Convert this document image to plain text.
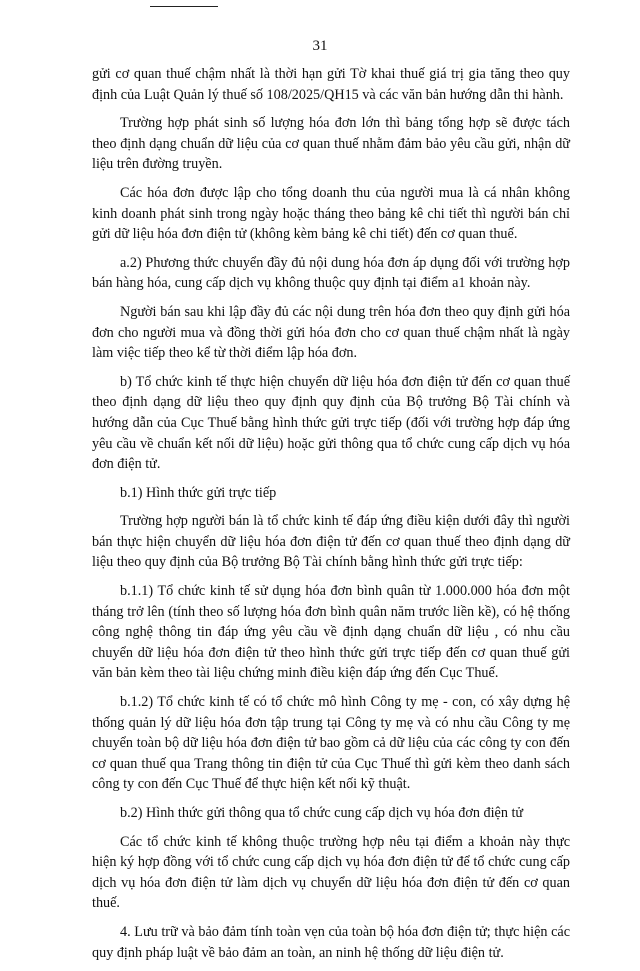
31

gửi cơ quan thuế chậm nhất là thời hạn gửi Tờ khai thuế giá trị gia tăng theo quy định của Luật Quản lý thuế số 108/2025/QH15 và các văn bản hướng dẫn thi hành.

Trường hợp phát sinh số lượng hóa đơn lớn thì bảng tổng hợp sẽ được tách theo định dạng chuẩn dữ liệu của cơ quan thuế nhằm đảm bảo yêu cầu gửi, nhận dữ liệu trên đường truyền.

Các hóa đơn được lập cho tổng doanh thu của người mua là cá nhân không kinh doanh phát sinh trong ngày hoặc tháng theo bảng kê chi tiết thì người bán chỉ gửi dữ liệu hóa đơn điện tử (không kèm bảng kê chi tiết) đến cơ quan thuế.

a.2) Phương thức chuyển đầy đủ nội dung hóa đơn áp dụng đối với trường hợp bán hàng hóa, cung cấp dịch vụ không thuộc quy định tại điểm a1 khoản này.

Người bán sau khi lập đầy đủ các nội dung trên hóa đơn theo quy định gửi hóa đơn cho người mua và đồng thời gửi hóa đơn cho cơ quan thuế chậm nhất là ngày làm việc tiếp theo kể từ thời điểm lập hóa đơn.

b) Tổ chức kinh tế thực hiện chuyển dữ liệu hóa đơn điện tử đến cơ quan thuế theo định dạng dữ liệu theo quy định quy định của Bộ trưởng Bộ Tài chính và hướng dẫn của Cục Thuế bằng hình thức gửi trực tiếp (đối với trường hợp đáp ứng yêu cầu về chuẩn kết nối dữ liệu) hoặc gửi thông qua tổ chức cung cấp dịch vụ hóa đơn điện tử.

b.1) Hình thức gửi trực tiếp

Trường hợp người bán là tổ chức kinh tế đáp ứng điều kiện dưới đây thì người bán thực hiện chuyển dữ liệu hóa đơn điện tử đến cơ quan thuế theo định dạng dữ liệu theo quy định của Bộ trưởng Bộ Tài chính bằng hình thức gửi trực tiếp:

b.1.1) Tổ chức kinh tế sử dụng hóa đơn bình quân từ 1.000.000 hóa đơn một tháng trở lên (tính theo số lượng hóa đơn bình quân năm trước liền kề), có hệ thống công nghệ thông tin đáp ứng yêu cầu về định dạng chuẩn dữ liệu , có nhu cầu chuyển dữ liệu hóa đơn điện tử theo hình thức gửi trực tiếp đến cơ quan thuế gửi văn bản kèm theo tài liệu chứng minh điều kiện đáp ứng đến Cục Thuế.

b.1.2) Tổ chức kinh tế có tổ chức mô hình Công ty mẹ - con, có xây dựng hệ thống quản lý dữ liệu hóa đơn tập trung tại Công ty mẹ và có nhu cầu Công ty mẹ chuyển toàn bộ dữ liệu hóa đơn điện tử bao gồm cả dữ liệu của các công ty con đến cơ quan thuế qua Trang thông tin điện tử của Cục Thuế thì gửi kèm theo danh sách công ty con đến Cục Thuế để thực hiện kết nối kỹ thuật.

b.2) Hình thức gửi thông qua tổ chức cung cấp dịch vụ hóa đơn điện tử

Các tổ chức kinh tế không thuộc trường hợp nêu tại điểm a khoản này thực hiện ký hợp đồng với tổ chức cung cấp dịch vụ hóa đơn điện tử để tổ chức cung cấp dịch vụ hóa đơn điện tử làm dịch vụ chuyển dữ liệu hóa đơn điện tử đến cơ quan thuế.

4. Lưu trữ và bảo đảm tính toàn vẹn của toàn bộ hóa đơn điện tử; thực hiện các quy định pháp luật về bảo đảm an toàn, an ninh hệ thống dữ liệu điện tử.
